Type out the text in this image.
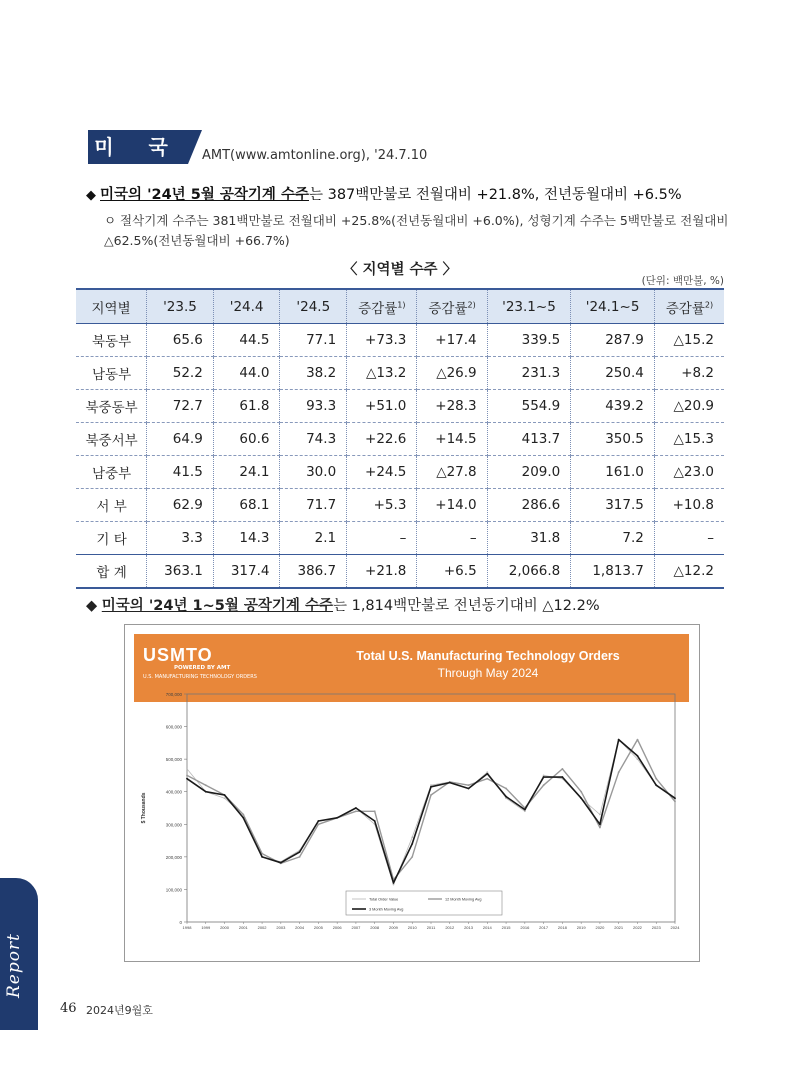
미 국	AMT(www.amtonline.org), '24.7.10
◆ 미국의 '24년 5월 공작기계 수주는 387백만불로 전월대비 +21.8%, 전년동월대비 +6.5%
ㅇ 절삭기계 수주는 381백만불로 전월대비 +25.8%(전년동월대비 +6.0%), 성형기계 수주는 5백만불로 전월대비 △62.5%(전년동월대비 +66.7%)
〈 지역별 수주 〉
(단위: 백만불, %)
지역별	'23.5	'24.4	'24.5	증감률$^{1)}$	증감률$^{2)}$	'23.1~5	'24.1~5	증감률$^{2)}$
북동부	65.6	44.5	77.1	+73.3	+17.4	339.5	287.9	△15.2
남동부	52.2	44.0	38.2	△13.2	△26.9	231.3	250.4	+8.2
북중동부	72.7	61.8	93.3	+51.0	+28.3	554.9	439.2	△20.9
북중서부	64.9	60.6	74.3	+22.6	+14.5	413.7	350.5	△15.3
남중부	41.5	24.1	30.0	+24.5	△27.8	209.0	161.0	△23.0
서 부	62.9	68.1	71.7	+5.3	+14.0	286.6	317.5	+10.8
기 타	3.3	14.3	2.1	–	–	31.8	7.2	–
합 계	363.1	317.4	386.7	+21.8	+6.5	2,066.8	1,813.7	△12.2
◆ 미국의 '24년 1~5월 공작기계 수주는 1,814백만불로 전년동기대비 △12.2%
USMTO
POWERED BY AMT
U.S. MANUFACTURING TECHNOLOGY ORDERS
Total U.S. Manufacturing Technology Orders
Through May 2024
0
100,000
200,000
300,000
400,000
500,000
600,000
700,000
$ Thousands
1998 1999 2000 2001 2002 2003 2004 2005 2006 2007 2008 2009 2010	2011	2012 2013 2014 2015 2016 2017 2018 2019 2020 2021 2022 2023 2024
Total Order Value	12 Month Moving Avg
3 Month Moving Avg
Report
46 2024년9월호
